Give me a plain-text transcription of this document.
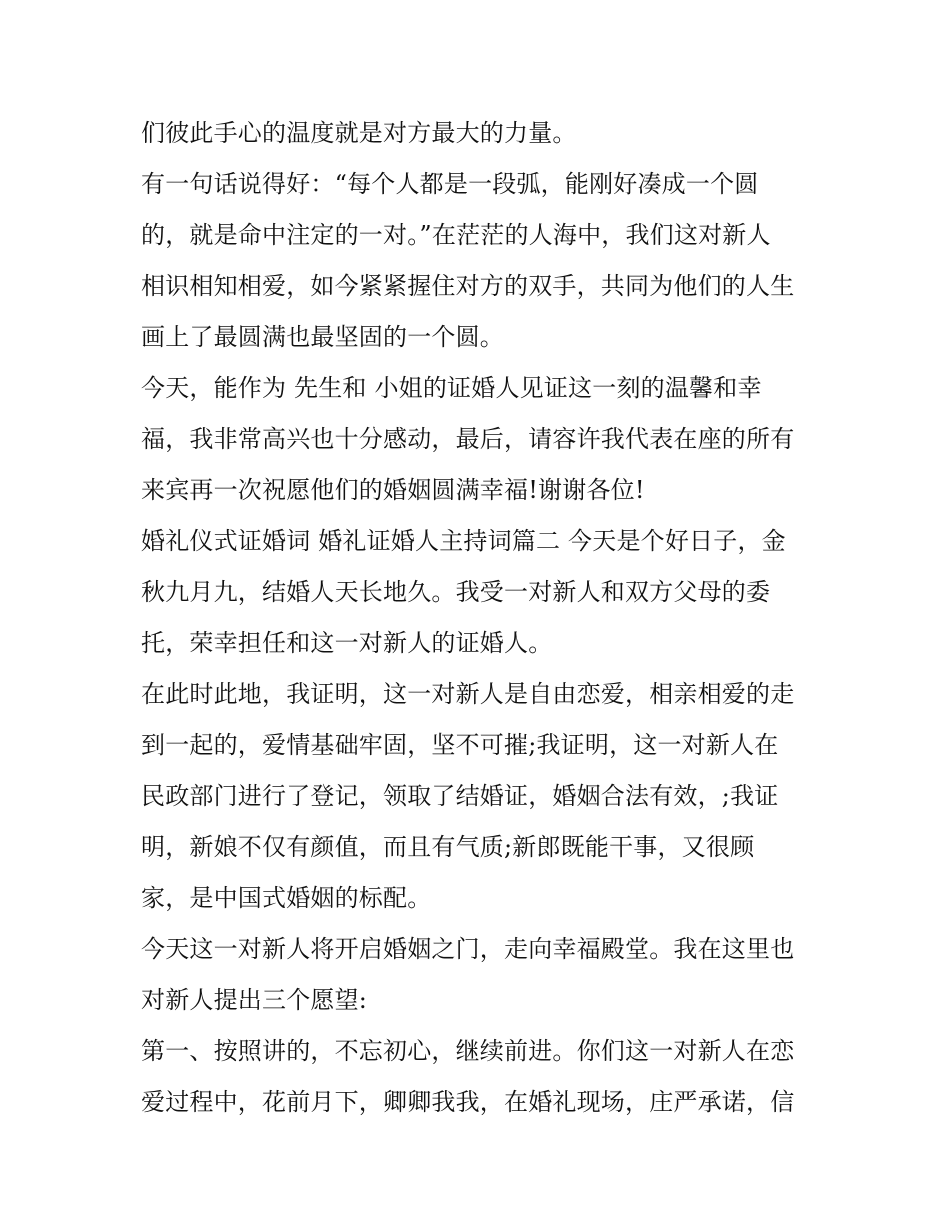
们彼此手心的温度就是对方最大的力量。
有一句话说得好：“每个人都是一段弧，能刚好凑成一个圆
的，就是命中注定的一对。”在茫茫的人海中，我们这对新人
相识相知相爱，如今紧紧握住对方的双手，共同为他们的人生
画上了最圆满也最坚固的一个圆。
今天，能作为 先生和 小姐的证婚人见证这一刻的温馨和幸
福，我非常高兴也十分感动，最后，请容许我代表在座的所有
来宾再一次祝愿他们的婚姻圆满幸福!谢谢各位!
婚礼仪式证婚词 婚礼证婚人主持词篇二 今天是个好日子，金
秋九月九，结婚人天长地久。我受一对新人和双方父母的委
托，荣幸担任和这一对新人的证婚人。
在此时此地，我证明，这一对新人是自由恋爱，相亲相爱的走
到一起的，爱情基础牢固，坚不可摧;我证明，这一对新人在
民政部门进行了登记，领取了结婚证，婚姻合法有效，;我证
明，新娘不仅有颜值，而且有气质;新郎既能干事，又很顾
家，是中国式婚姻的标配。
今天这一对新人将开启婚姻之门，走向幸福殿堂。我在这里也
对新人提出三个愿望:
第一、按照讲的，不忘初心，继续前进。你们这一对新人在恋
爱过程中，花前月下，卿卿我我，在婚礼现场，庄严承诺，信
